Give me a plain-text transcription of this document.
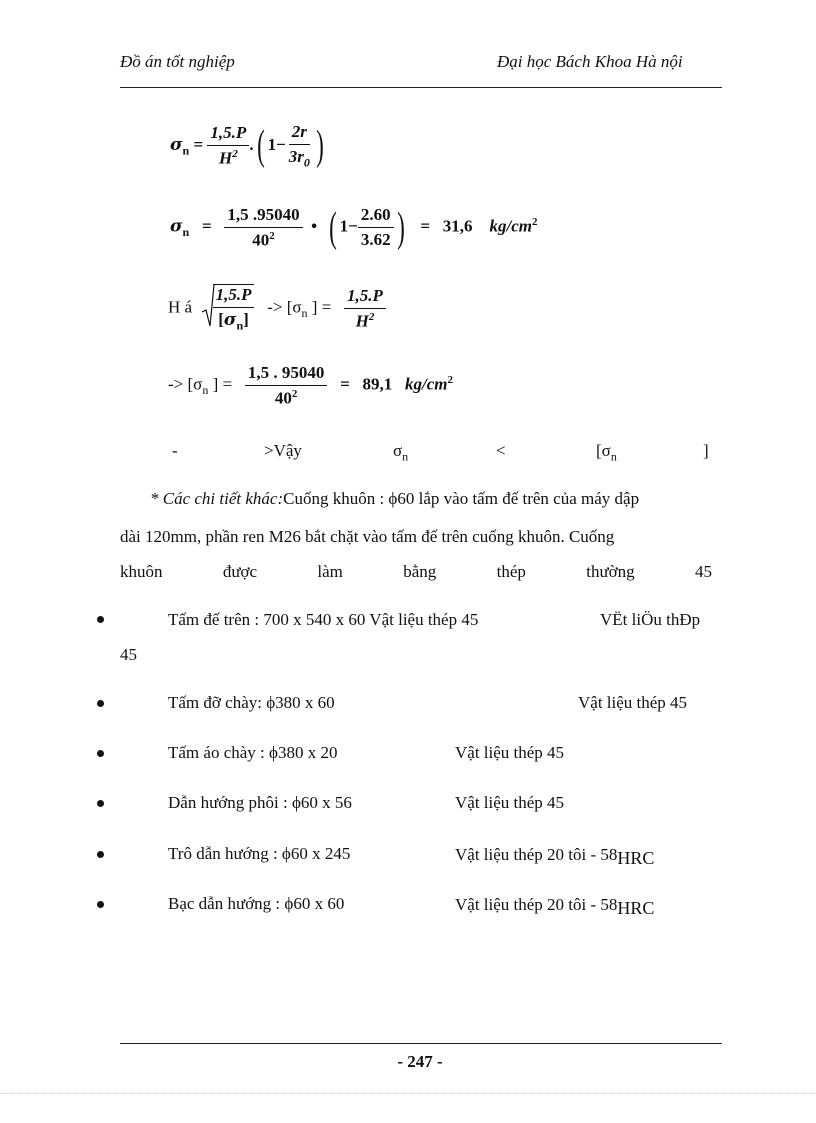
Đồ án tốt nghiệp	Đại học Bách Khoa Hà nội
$\sigma_n = \frac{1,5.P}{H^2}$ .( $1- \frac{2r}{3r_0}$ )
$\sigma_n = \frac{1,5 .95040}{40^2}$ • ( $1- \frac{2.60}{3.62}$ ) = 31,6 $kg/cm^2$
H á $\frac{1,5.P}{[\sigma_n]} -> [\sigma_n$ ] = $\frac{1,5.P}{H^2}$
-> [$\sigma_n$ ] = $\frac{1,5 . 95040}{40^2} = 89,1$ $kg/cm^2$
-	>Vậy	$\sigma_n$	<	[$\sigma_n$	]
* Các chi tiết khác:Cuống khuôn : ϕ60 lắp vào tấm đế trên của máy dập
dài 120mm, phần ren M26 bắt chặt vào tấm đế trên cuống khuôn. Cuống
khuôn	được	làm	bằng	thép	thường	45
Tấm đế trên : 700 x 540 x 60 Vật liệu thép 45	VËt liÖu thÐp
45
Tấm đỡ chày: ϕ380 x 60	Vật liệu thép 45
Tấm áo chày : ϕ380 x 20	Vật liệu thép 45
Dẫn hướng phôi : ϕ60 x 56	Vật liệu thép 45
Trô dẫn hướng : ϕ60 x 245	Vật liệu thép 20 tôi - 58HRC
Bạc dẫn hướng : ϕ60 x 60	Vật liệu thép 20 tôi - 58HRC
- 247 -
